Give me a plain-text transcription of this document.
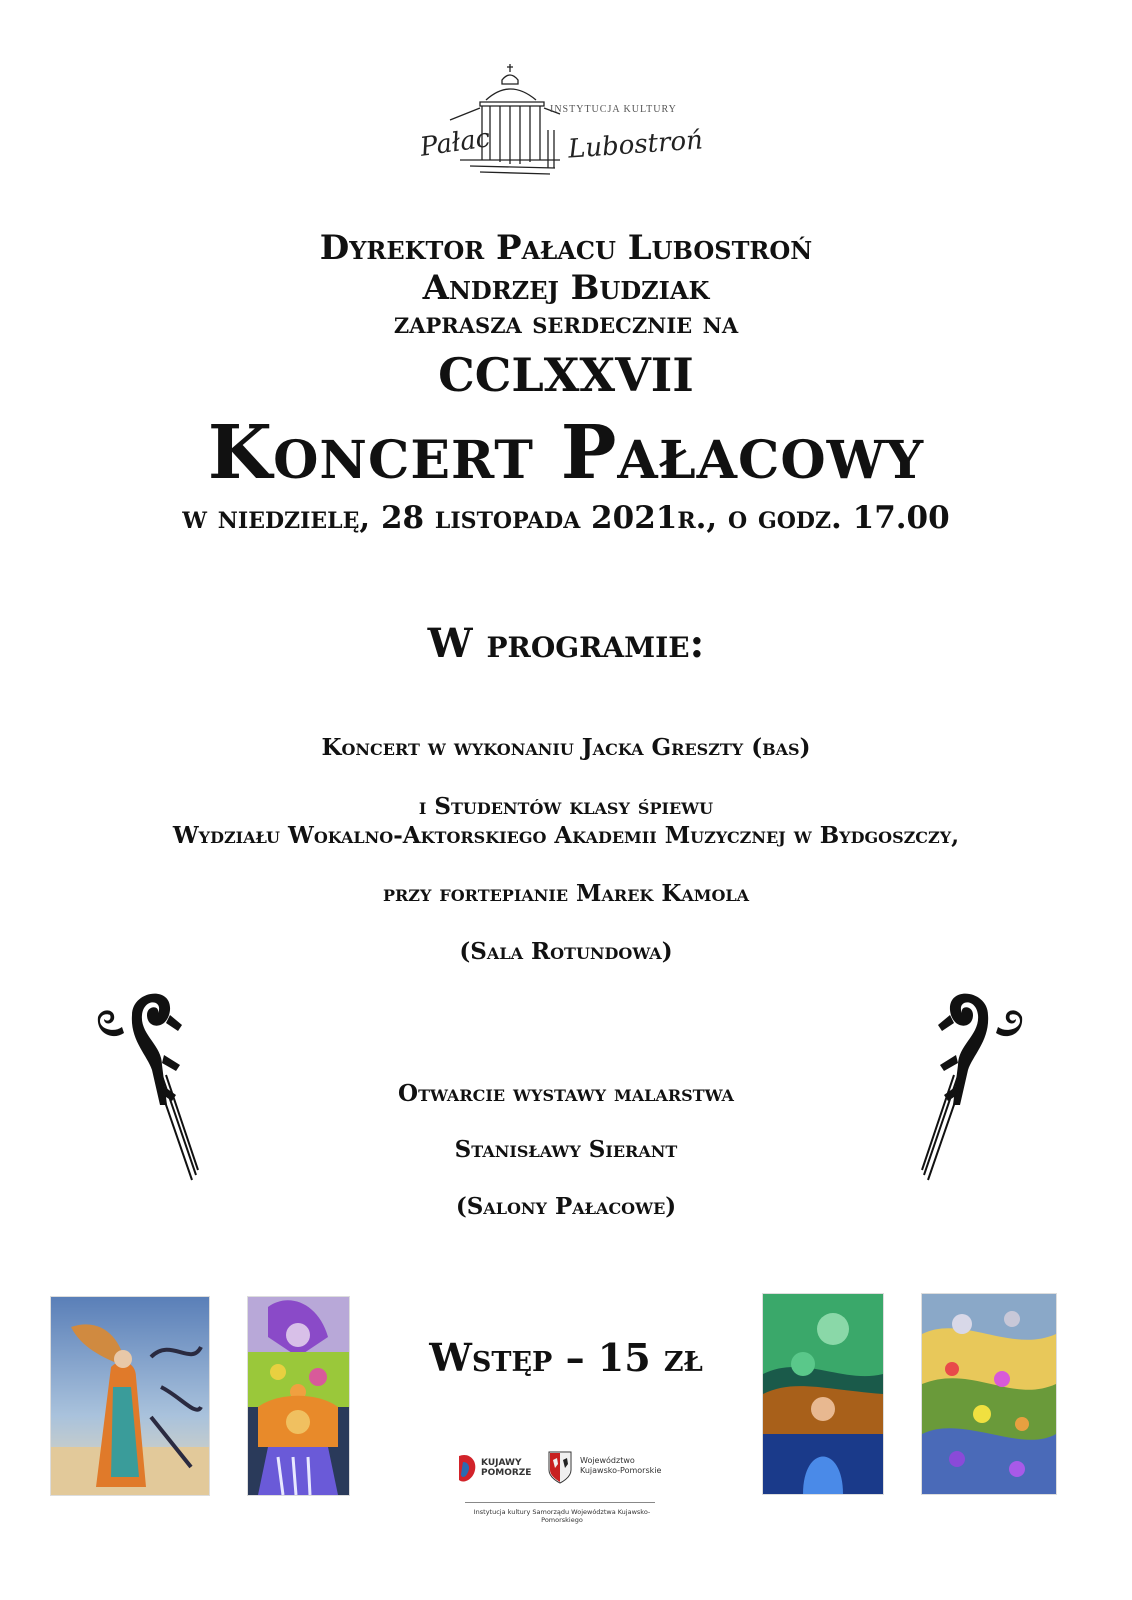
Pałac	Lubostroń
INSTYTUCJA KULTURY
Dyrektor Pałacu Lubostroń
Andrzej Budziak
zaprasza serdecznie na
CCLXXVII
Koncert Pałacowy
w niedzielę, 28 listopada 2021r., o godz. 17.00
W programie:
Koncert w wykonaniu Jacka Greszty (bas)
i Studentów klasy śpiewu
Wydziału Wokalno-Aktorskiego Akademii Muzycznej w Bydgoszczy,
przy fortepianie Marek Kamola
(Sala Rotundowa)
Otwarcie wystawy malarstwa
Stanisławy Sierant
(Salony Pałacowe)
Wstęp – 15 zł
KUJAWY POMORZE
Województwo Kujawsko-Pomorskie
Instytucja kultury Samorządu Województwa Kujawsko-Pomorskiego
